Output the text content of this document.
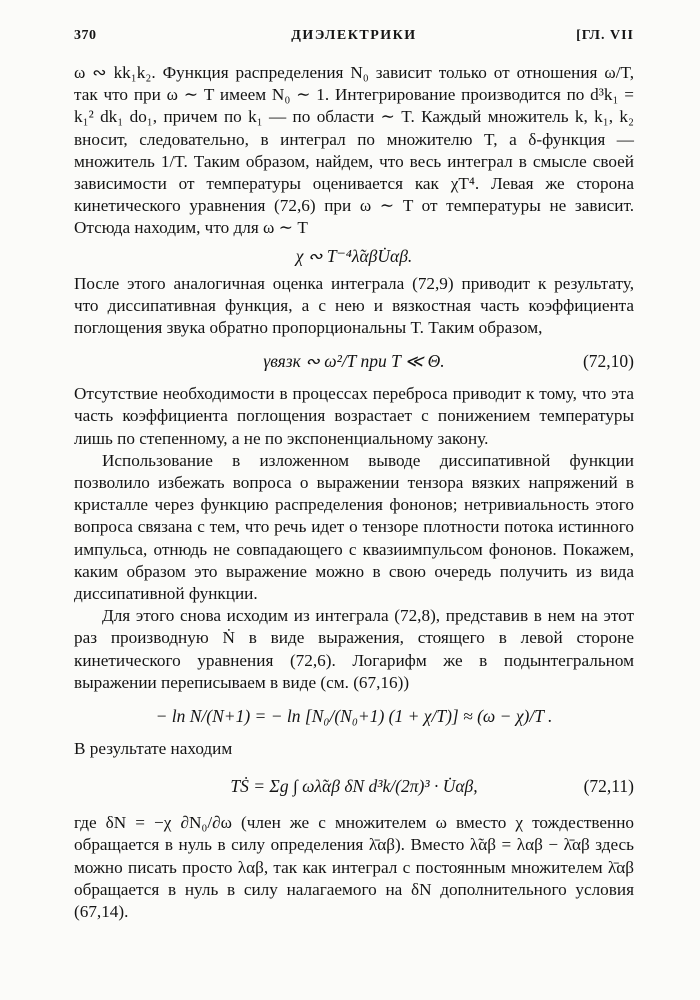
370	ДИЭЛЕКТРИКИ	[ГЛ. VII

ω ∾ kk₁k₂. Функция распределения N₀ зависит только от отношения ω/T, так что при ω ∼ T имеем N₀ ∼ 1. Интегрирование производится по d³k₁ = k₁² dk₁ do₁, причем по k₁ — по области ∼ T. Каждый множитель k, k₁, k₂ вносит, следовательно, в интеграл по множителю T, а δ-функция — множитель 1/T. Таким образом, найдем, что весь интеграл в смысле своей зависимости от температуры оценивается как χT⁴. Левая же сторона кинетического уравнения (72,6) при ω ∼ T от температуры не зависит. Отсюда находим, что для ω ∼ T

χ ∾ T⁻⁴λ̃αβU̇αβ.

После этого аналогичная оценка интеграла (72,9) приводит к результату, что диссипативная функция, а с нею и вязкостная часть коэффициента поглощения звука обратно пропорциональны T. Таким образом,

γвязк ∾ ω²/T при T ≪ Θ.	(72,10)

Отсутствие необходимости в процессах переброса приводит к тому, что эта часть коэффициента поглощения возрастает с понижением температуры лишь по степенному, а не по экспоненциальному закону.

Использование в изложенном выводе диссипативной функции позволило избежать вопроса о выражении тензора вязких напряжений в кристалле через функцию распределения фононов; нетривиальность этого вопроса связана с тем, что речь идет о тензоре плотности потока истинного импульса, отнюдь не совпадающего с квазиимпульсом фононов. Покажем, каким образом это выражение можно в свою очередь получить из вида диссипативной функции.

Для этого снова исходим из интеграла (72,8), представив в нем на этот раз производную Ṅ в виде выражения, стоящего в левой стороне кинетического уравнения (72,6). Логарифм же в подынтегральном выражении переписываем в виде (см. (67,16))

− ln N/(N+1) = − ln [N₀/(N₀+1) (1 + χ/T)] ≈ (ω − χ)/T .

В результате находим

TṠ = Σg ∫ ωλ̃αβ δN d³k/(2π)³ · U̇αβ,	(72,11)

где δN = −χ ∂N₀/∂ω (член же с множителем ω вместо χ тождественно обращается в нуль в силу определения λ̄αβ). Вместо λ̃αβ = λαβ − λ̄αβ здесь можно писать просто λαβ, так как интеграл с постоянным множителем λ̄αβ обращается в нуль в силу налагаемого на δN дополнительного условия (67,14).
